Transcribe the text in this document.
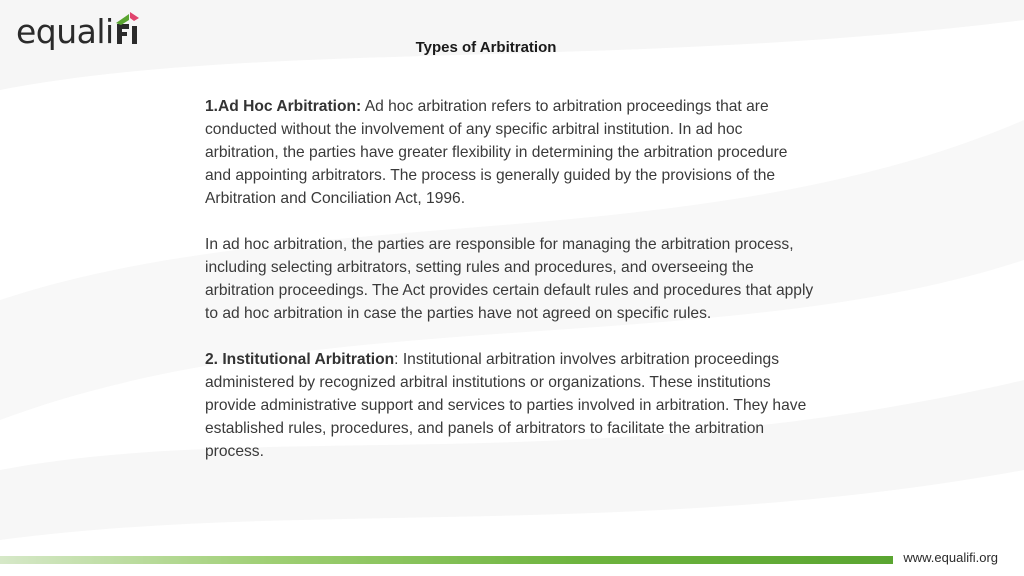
equali	Types of Arbitration

1.Ad Hoc Arbitration: Ad hoc arbitration refers to arbitration proceedings that are conducted without the involvement of any specific arbitral institution. In ad hoc arbitration, the parties have greater flexibility in determining the arbitration procedure and appointing arbitrators. The process is generally guided by the provisions of the Arbitration and Conciliation Act, 1996.

In ad hoc arbitration, the parties are responsible for managing the arbitration process, including selecting arbitrators, setting rules and procedures, and overseeing the arbitration proceedings. The Act provides certain default rules and procedures that apply to ad hoc arbitration in case the parties have not agreed on specific rules.

2. Institutional Arbitration: Institutional arbitration involves arbitration proceedings administered by recognized arbitral institutions or organizations. These institutions provide administrative support and services to parties involved in arbitration. They have established rules, procedures, and panels of arbitrators to facilitate the arbitration process.

www.equalifi.org
